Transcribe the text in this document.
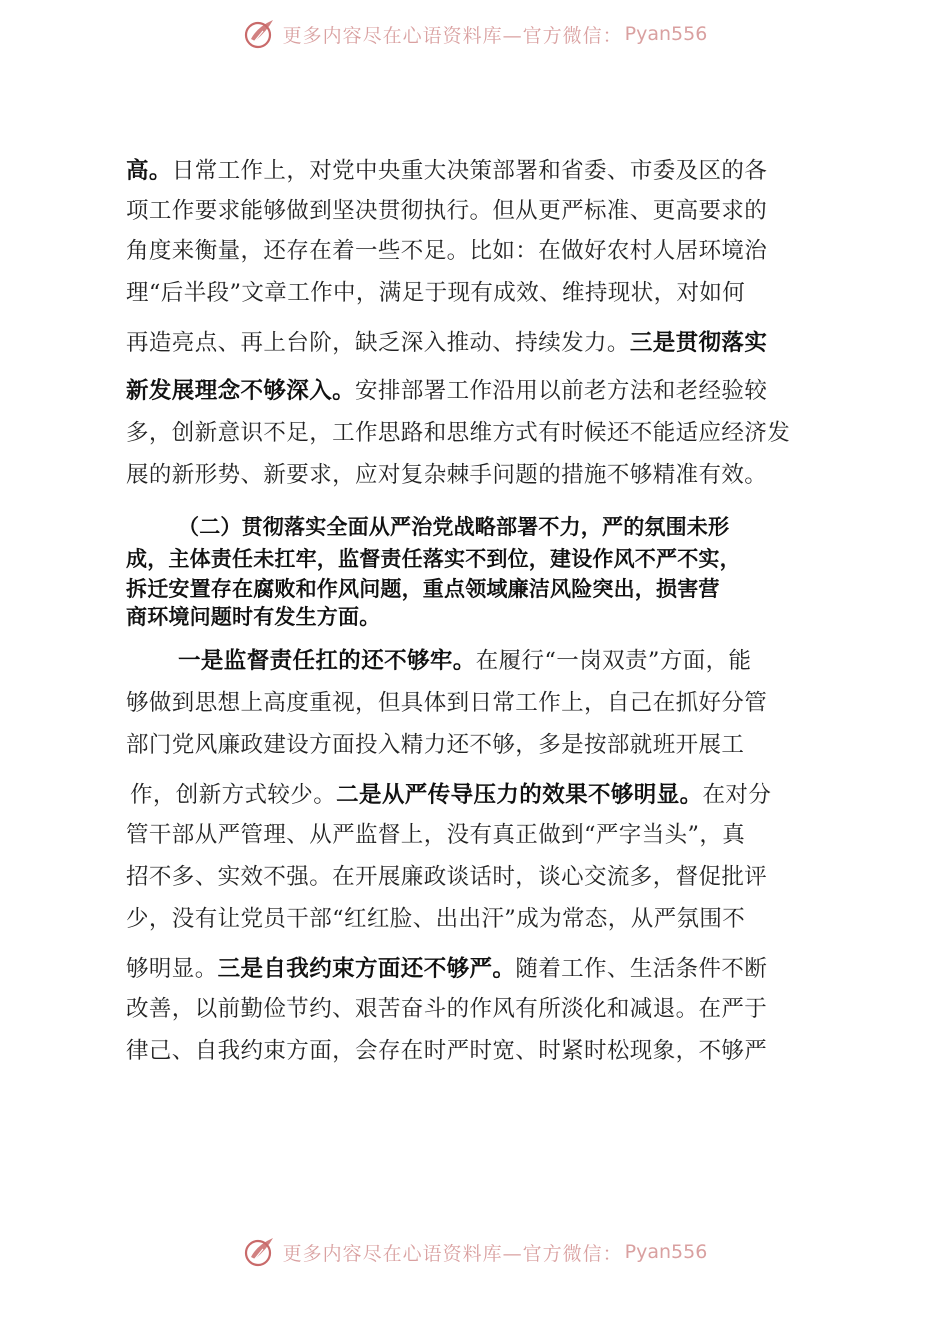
更多内容尽在心语资料库—官方微信： Pyan556
高。日常工作上，对党中央重大决策部署和省委、市委及区的各
项工作要求能够做到坚决贯彻执行。但从更严标准、更高要求的
角度来衡量，还存在着一些不足。比如：在做好农村人居环境治
理“后半段”文章工作中，满足于现有成效、维持现状，对如何
再造亮点、再上台阶，缺乏深入推动、持续发力。三是贯彻落实
新发展理念不够深入。安排部署工作沿用以前老方法和老经验较
多，创新意识不足，工作思路和思维方式有时候还不能适应经济发
展的新形势、新要求，应对复杂棘手问题的措施不够精准有效。
（二）贯彻落实全面从严治党战略部署不力，严的氛围未形
成，主体责任未扛牢，监督责任落实不到位，建设作风不严不实，
拆迁安置存在腐败和作风问题，重点领域廉洁风险突出，损害营
商环境问题时有发生方面。
一是监督责任扛的还不够牢。在履行“一岗双责”方面，能
够做到思想上高度重视，但具体到日常工作上，自己在抓好分管
部门党风廉政建设方面投入精力还不够，多是按部就班开展工
作，创新方式较少。二是从严传导压力的效果不够明显。在对分
管干部从严管理、从严监督上，没有真正做到“严字当头”，真
招不多、实效不强。在开展廉政谈话时，谈心交流多，督促批评
少，没有让党员干部“红红脸、出出汗”成为常态，从严氛围不
够明显。三是自我约束方面还不够严。随着工作、生活条件不断
改善，以前勤俭节约、艰苦奋斗的作风有所淡化和减退。在严于
律己、自我约束方面，会存在时严时宽、时紧时松现象，不够严
更多内容尽在心语资料库—官方微信： Pyan556
